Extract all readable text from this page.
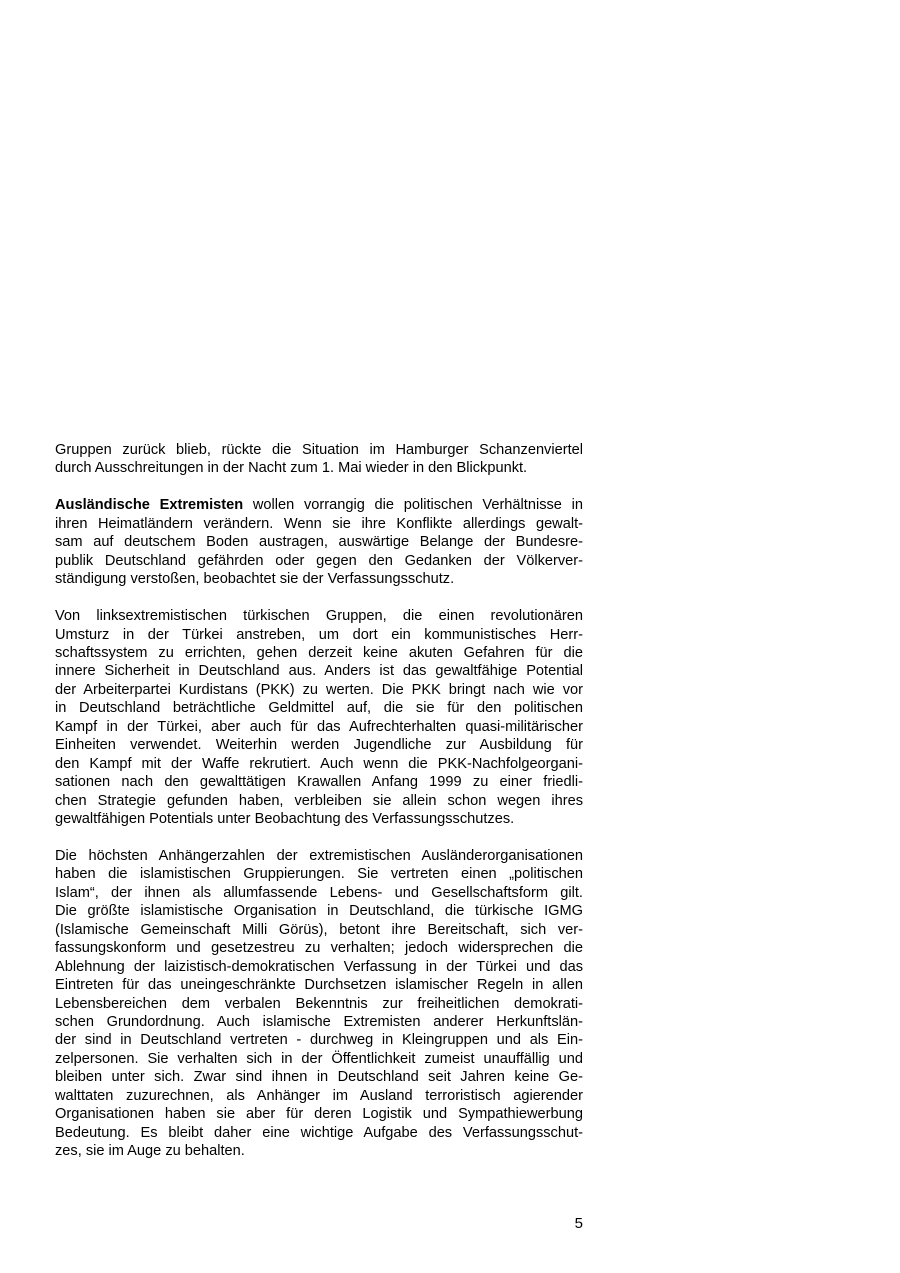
Gruppen zurück blieb, rückte die Situation im Hamburger Schanzenviertel
durch Ausschreitungen in der Nacht zum 1. Mai wieder in den Blickpunkt.

Ausländische Extremisten wollen vorrangig die politischen Verhältnisse in
ihren Heimatländern verändern. Wenn sie ihre Konflikte allerdings gewalt-
sam auf deutschem Boden austragen, auswärtige Belange der Bundesre-
publik Deutschland gefährden oder gegen den Gedanken der Völkerver-
ständigung verstoßen, beobachtet sie der Verfassungsschutz.

Von linksextremistischen türkischen Gruppen, die einen revolutionären
Umsturz in der Türkei anstreben, um dort ein kommunistisches Herr-
schaftssystem zu errichten, gehen derzeit keine akuten Gefahren für die
innere Sicherheit in Deutschland aus. Anders ist das gewaltfähige Potential
der Arbeiterpartei Kurdistans (PKK) zu werten. Die PKK bringt nach wie vor
in Deutschland beträchtliche Geldmittel auf, die sie für den politischen
Kampf in der Türkei, aber auch für das Aufrechterhalten quasi-militärischer
Einheiten verwendet. Weiterhin werden Jugendliche zur Ausbildung für
den Kampf mit der Waffe rekrutiert. Auch wenn die PKK-Nachfolgeorgani-
sationen nach den gewalttätigen Krawallen Anfang 1999 zu einer friedli-
chen Strategie gefunden haben, verbleiben sie allein schon wegen ihres
gewaltfähigen Potentials unter Beobachtung des Verfassungsschutzes.

Die höchsten Anhängerzahlen der extremistischen Ausländerorganisationen
haben die islamistischen Gruppierungen. Sie vertreten einen „politischen
Islam“, der ihnen als allumfassende Lebens- und Gesellschaftsform gilt.
Die größte islamistische Organisation in Deutschland, die türkische IGMG
(Islamische Gemeinschaft Milli Görüs), betont ihre Bereitschaft, sich ver-
fassungskonform und gesetzestreu zu verhalten; jedoch widersprechen die
Ablehnung der laizistisch-demokratischen Verfassung in der Türkei und das
Eintreten für das uneingeschränkte Durchsetzen islamischer Regeln in allen
Lebensbereichen dem verbalen Bekenntnis zur freiheitlichen demokrati-
schen Grundordnung. Auch islamische Extremisten anderer Herkunftslän-
der sind in Deutschland vertreten - durchweg in Kleingruppen und als Ein-
zelpersonen. Sie verhalten sich in der Öffentlichkeit zumeist unauffällig und
bleiben unter sich. Zwar sind ihnen in Deutschland seit Jahren keine Ge-
walttaten zuzurechnen, als Anhänger im Ausland terroristisch agierender
Organisationen haben sie aber für deren Logistik und Sympathiewerbung
Bedeutung. Es bleibt daher eine wichtige Aufgabe des Verfassungsschut-
zes, sie im Auge zu behalten.

5
